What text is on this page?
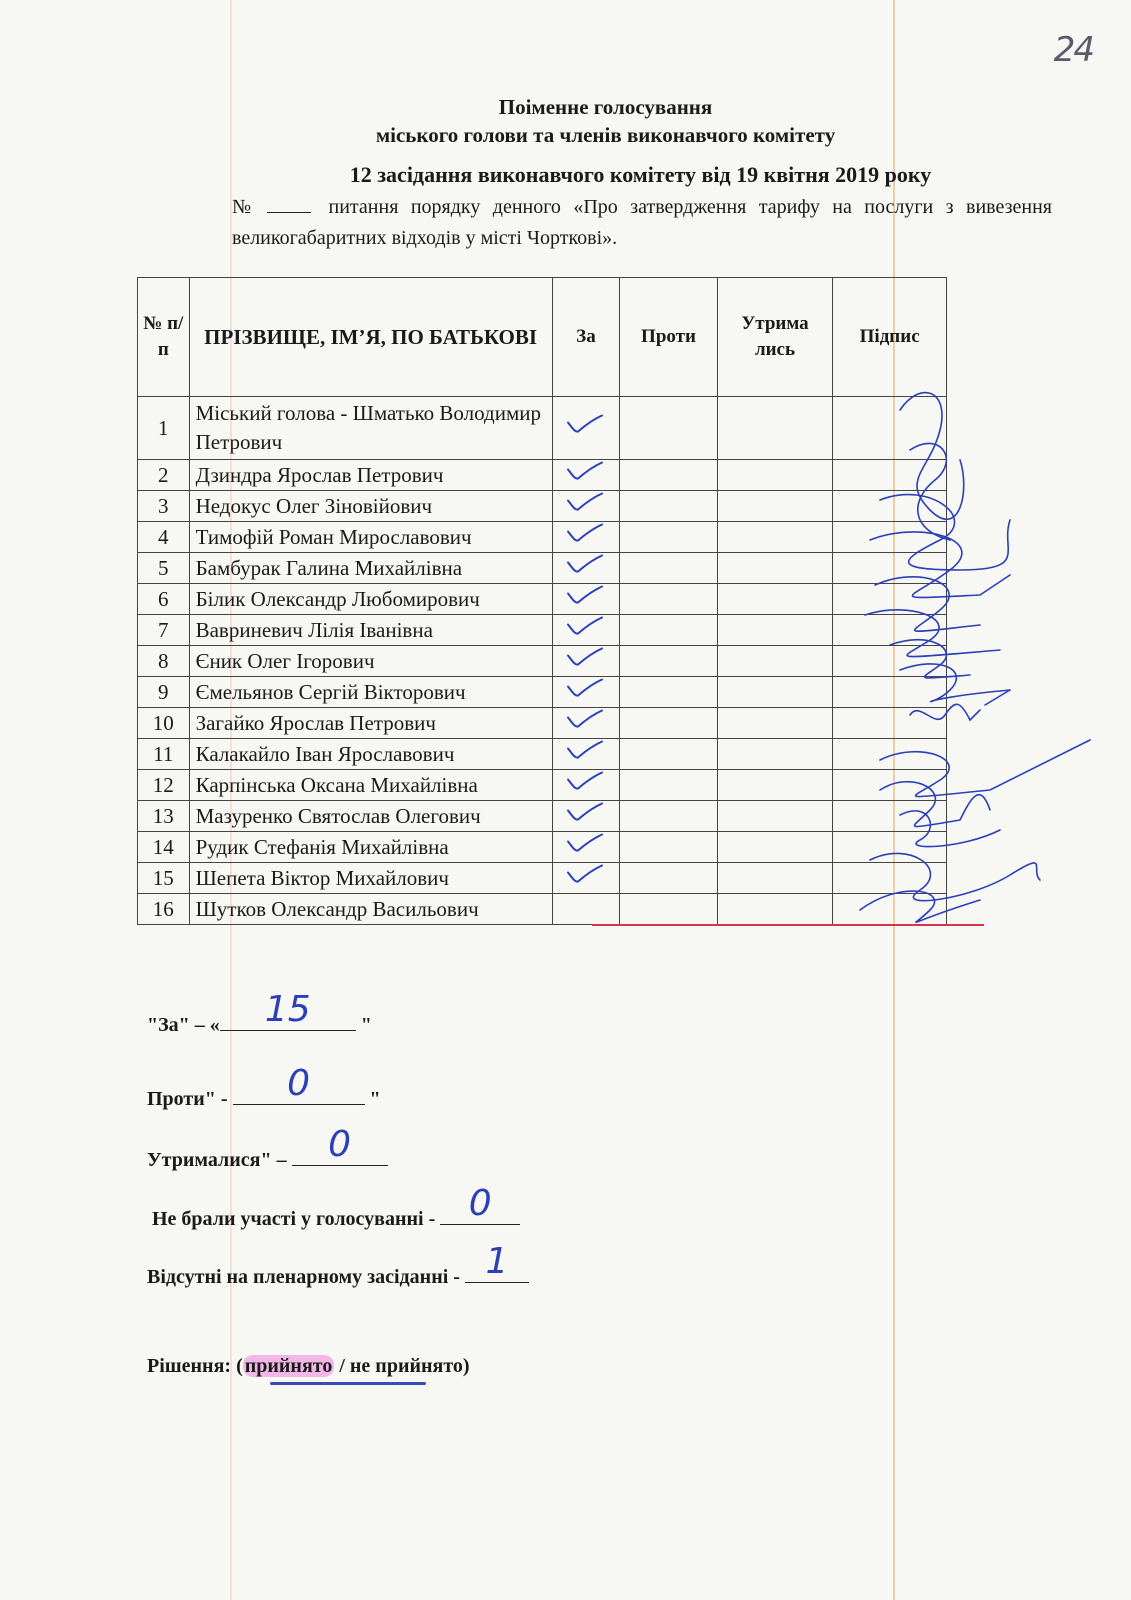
24
Поіменне голосування
міського голови та членів виконавчого комітету
12 засідання виконавчого комітету від 19 квітня 2019 року
№	питання порядку денного «Про затвердження тарифу на послуги з вивезення великогабаритних відходів у місті Чорткові».
№ п/п	ПРІЗВИЩЕ, ІМ’Я, ПО БАТЬКОВІ	За	Проти	Утрима лись	Підпис
1	Міський голова - Шматько Володимир Петрович	

2	Дзиндра Ярослав Петрович	

3	Недокус Олег Зіновійович	

4	Тимофій Роман Мирославович	

5	Бамбурак Галина Михайлівна	

6	Білик Олександр Любомирович	

7	Вавриневич Лілія Іванівна	

8	Єник Олег Ігорович	

9	Ємельянов Сергій Вікторович	

10	Загайко Ярослав Петрович	

11	Калакайло Іван Ярославович	

12	Карпінська Оксана Михайлівна	

13	Мазуренко Святослав Олегович	

14	Рудик Стефанія Михайлівна	

15	Шепета Віктор Михайлович	

16	Шутков Олександр Васильович				
"За" – « 15 "
Проти" - 0	"
Утрималися" – 0
Не брали участі у голосуванні - 0
Відсутні на пленарному засіданні - 1
Рішення: ( прийнято / не прийнято)
